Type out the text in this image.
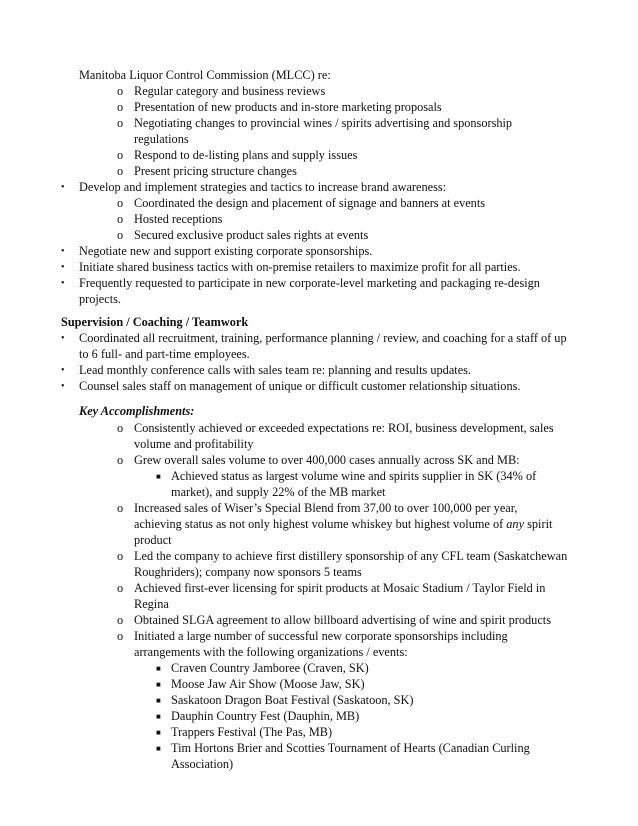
Manitoba Liquor Control Commission (MLCC) re:
o Regular category and business reviews
o Presentation of new products and in-store marketing proposals
o Negotiating changes to provincial wines / spirits advertising and sponsorship
regulations
o Respond to de-listing plans and supply issues
o Present pricing structure changes
• Develop and implement strategies and tactics to increase brand awareness:
o Coordinated the design and placement of signage and banners at events
o Hosted receptions
o Secured exclusive product sales rights at events
• Negotiate new and support existing corporate sponsorships.
• Initiate shared business tactics with on-premise retailers to maximize profit for all parties.
• Frequently requested to participate in new corporate-level marketing and packaging re-design
projects.
Supervision / Coaching / Teamwork
• Coordinated all recruitment, training, performance planning / review, and coaching for a staff of up
to 6 full- and part-time employees.
• Lead monthly conference calls with sales team re: planning and results updates.
• Counsel sales staff on management of unique or difficult customer relationship situations.
Key Accomplishments:
o Consistently achieved or exceeded expectations re: ROI, business development, sales
volume and profitability
o Grew overall sales volume to over 400,000 cases annually across SK and MB:
■ Achieved status as largest volume wine and spirits supplier in SK (34% of
market), and supply 22% of the MB market
o Increased sales of Wiser’s Special Blend from 37,00 to over 100,000 per year,
achieving status as not only highest volume whiskey but highest volume of any spirit
product
o Led the company to achieve first distillery sponsorship of any CFL team (Saskatchewan
Roughriders); company now sponsors 5 teams
o Achieved first-ever licensing for spirit products at Mosaic Stadium / Taylor Field in
Regina
o Obtained SLGA agreement to allow billboard advertising of wine and spirit products
o Initiated a large number of successful new corporate sponsorships including
arrangements with the following organizations / events:
■ Craven Country Jamboree (Craven, SK)
■ Moose Jaw Air Show (Moose Jaw, SK)
■ Saskatoon Dragon Boat Festival (Saskatoon, SK)
■ Dauphin Country Fest (Dauphin, MB)
■ Trappers Festival (The Pas, MB)
■ Tim Hortons Brier and Scotties Tournament of Hearts (Canadian Curling
Association)
